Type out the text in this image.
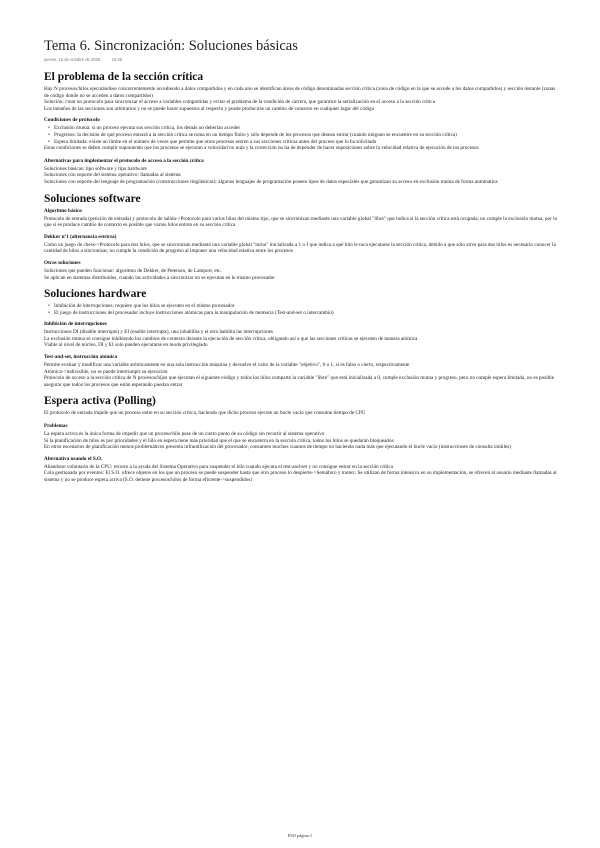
Tema 6. Sincronización: Soluciones básicas
jueves, 16 de octubre de 2025	10:45
El problema de la sección crítica

Hay N procesos/hilos ejecutándose concurrentemente accediendo a datos compartidos y en cada uno se identifican áreas de código denominadas sección crítica (zona de código en la que se accede a los datos compartidos) y sección restante (zonas de código donde no se acceden a datos compartidos)

Solución: crear un protocolo para sincronizar el acceso a variables compartidas y evitar el problema de la condición de carrera, que garantice la serialización en el acceso a la sección crítica

Los tamaños de las secciones son arbitrarios y no se puede hacer supuestos al respecto y puede producirse un cambio de contexto en cualquier lugar del código

Condiciones de protocolo
• Exclusión mutua: si un proceso ejecuta sus sección crítica, los demás no deberían acceder
• Progresos: la decisión de qué proceso entrará a la sección crítica se toma en un tiempo finito y sólo depende de los procesos que desean entrar (cuando ninguno se encuentre en su sección crítica)
• Espera limitada: existe un límite en el número de veces que permite que otros procesos entren a sus secciones críticas antes del proceso que lo ha solicitado

Estas condiciones se deben cumplir suponiendo que los procesos se ejecutan a velocidad no nula y la corrección no ha de depender de hacer suposiciones sobre la velocidad relativa de ejecución de los procesos

Alternativas para implementar el protocolo de acceso a la sección crítica

Soluciones básicas: tipo software y tipo hardware

Soluciones con soporte del sistema operativo: llamadas al sistema

Soluciones con soporte del lenguaje de programación (construcciones lingüísticas): algunos lenguajes de programación poseen tipos de datos especiales que garantizan su acceso en exclusión mutua de forma automática

Soluciones software
Algoritmo básico

Protocolo de entrada (petición de entrada) y protocolo de salida->Protocolo para varios hilos del mismo tipo, que se sincronizan mediante una variable global "libre" que indica si la sección crítica está ocupada, no cumple la exclusión mutua, por lo que si se produce cambio de contexto es posible que varios hilos entren en su sección crítica

Dekker nº1 (alternancia estricta)

Como un juego de chess->Protocolo para dos hilos, que se sincronizan mediante una variable global "turno" inicializada a 1 o J que indica a qué hilo le toca ejecutarse la sección crítica, debido a que sólo sirve para dos hilos es necesario conocer la cantidad de hilos a sincronizar, no cumple la condición de progreso al imponer una velocidad relativa entre los procesos

Otras soluciones

Soluciones que pueden funcionar: algoritmo de Dekker, de Peterson, de Lamport, etc.

Se aplican en sistemas distribuidos, cuando las actividades a sincronizar no se ejecutan en le mismo procesador

Soluciones hardware
• Inhibición de interrupciones: requiere que los hilos se ejecuten en el mismo procesador
• El juego de instrucciones del procesador incluye instrucciones atómicas para la manipulación de memoria (Test-and-set o intercambio)
Inhibición de interrupciones

Instrucciones DI (disable interrupts) y EI (enable interrupts), una inhabilita y el otro habilita las interrupciones

La exclusión mutua se consigue inhibiendo los cambios de contexto durante la ejecución de sección crítica, obligando así a que las secciones críticas se ejecuten de manera atómica

Viable al nivel de núcleo, DI y EI solo pueden ejecutarse en modo privilegiado

Test-and-set, instrucción atómica

Permite evaluar y modificar una variable atómicamente en una sola instrucción máquina y devuelve el valor de la variable "objetivo", 0 o 1, si es falso o cierto, respectivamente

Atómica->indivisible, no se puede interrumpir su ejecución

Protocolo de acceso a la sección crítica de N procesos/hijos que ejecutan el siguiente código y todos los hilos comparte la variable "libre" que está inicializada a 0, cumple exclusión mutua y progreso, pero no cumple espera limitada, no es posible asegurar que todos los procesos que están esperando puedan entrar

Espera activa (Polling)

El protocolo de entrada impide que un proceso entre en su sección crítica, haciendo que dicho proceso ejecute un bucle vacío que consume tiempo de CPU

Problemas

La espera activa es la única forma de impedir que un proceso/hilo pase de un cierto punto de su código sin recurrir al sistema operativo

Si la planificación de hilos es por prioridades y el hilo en espera tiene más prioridad que el que se encuentra en la sección crítica, todos los hilos se quedarán bloqueados

En otros escenarios de planificación menos problemáticos presenta infrautilización del procesador, consumen muchos cuantos de tiempo no haciendo nada más que ejecutando el bucle vacío (instrucciones de consulta inútiles)

Alternativa usando el S.O.

Abandono voluntario de la CPU: recurre a la ayuda del Sistema Operativo para suspender el hilo cuando ejecuta el test-and-set y no consigue entrar en la sección crítica

Cola gestionada por eventos: El S.O. ofrece objetos en los que un proceso se puede suspender hasta que otro proceso lo despierte->Semáforo y mutex: Se utilizan de forma intensiva en su implementación, se ofrecen al usuario mediante llamadas al sistema y no se produce espera activa (S.O. detiene procesos/hilos de forma eficiente->suspendidos)

PSO página 1
